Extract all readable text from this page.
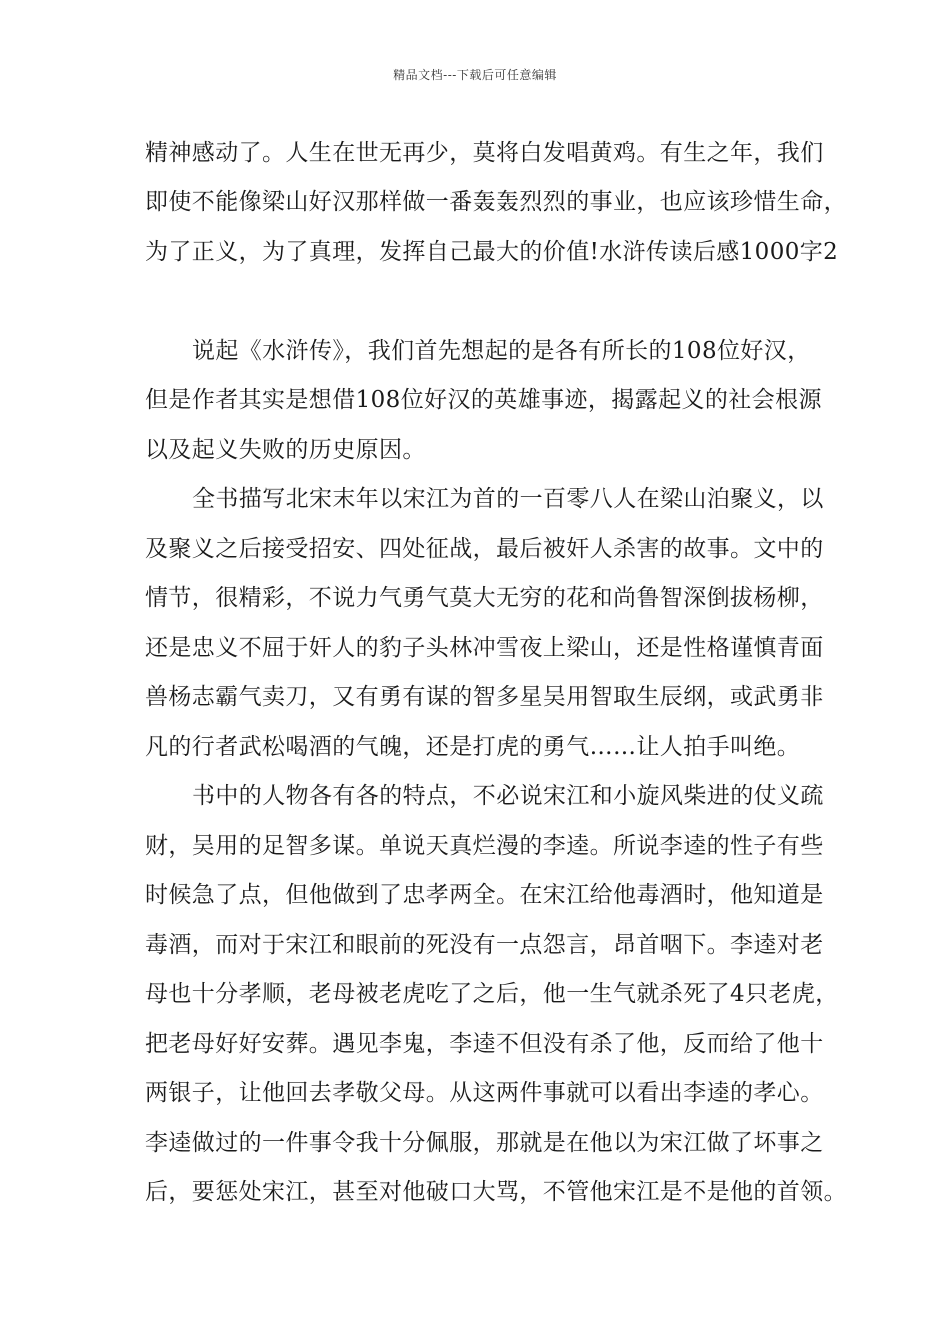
精品文档---下载后可任意编辑
精神感动了。人生在世无再少，莫将白发唱黄鸡。有生之年，我们
即使不能像梁山好汉那样做一番轰轰烈烈的事业，也应该珍惜生命，
为了正义，为了真理，发挥自己最大的价值!水浒传读后感1000字2
说起《水浒传》，我们首先想起的是各有所长的108位好汉，
但是作者其实是想借108位好汉的英雄事迹，揭露起义的社会根源
以及起义失败的历史原因。
全书描写北宋末年以宋江为首的一百零八人在梁山泊聚义，以
及聚义之后接受招安、四处征战，最后被奸人杀害的故事。文中的
情节，很精彩，不说力气勇气莫大无穷的花和尚鲁智深倒拔杨柳，
还是忠义不屈于奸人的豹子头林冲雪夜上梁山，还是性格谨慎青面
兽杨志霸气卖刀，又有勇有谋的智多星吴用智取生辰纲，或武勇非
凡的行者武松喝酒的气魄，还是打虎的勇气……让人拍手叫绝。
书中的人物各有各的特点，不必说宋江和小旋风柴进的仗义疏
财，吴用的足智多谋。单说天真烂漫的李逵。所说李逵的性子有些
时候急了点，但他做到了忠孝两全。在宋江给他毒酒时，他知道是
毒酒，而对于宋江和眼前的死没有一点怨言，昂首咽下。李逵对老
母也十分孝顺，老母被老虎吃了之后，他一生气就杀死了4只老虎，
把老母好好安葬。遇见李鬼，李逵不但没有杀了他，反而给了他十
两银子，让他回去孝敬父母。从这两件事就可以看出李逵的孝心。
李逵做过的一件事令我十分佩服，那就是在他以为宋江做了坏事之
后，要惩处宋江，甚至对他破口大骂，不管他宋江是不是他的首领。
